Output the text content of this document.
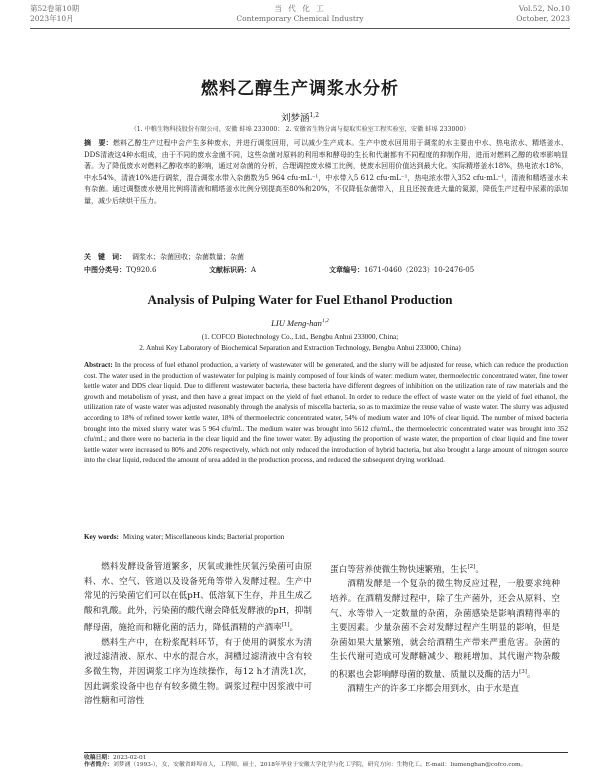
第52卷第10期
2023年10月
当 代 化 工
Contemporary Chemical Industry
Vol.52, No.10
October, 2023
燃料乙醇生产调浆水分析
刘梦涵$^{1,2}$
（1. 中粮生物科技股份有限公司，安徽 蚌埠 233000； 2. 安徽省生物分离与提取实验室工程实验室，安徽 蚌埠 233000）
摘　要：燃料乙醇生产过程中会产生多种废水，并进行调浆回用，可以减少生产成本。生产中废水回用用于调浆的水主要由中水、热电浓水、精塔釜水、DDS清液这4种水组成，由于不同的废水金菌不同，这些杂菌对原料的利用率和酵母的生长和代谢都有不同程度的抑制作用，进而对燃料乙醇的收率影响显著。为了降低废水对燃料乙醇收率的影响，通过对杂菌的分析，合理调控废水梯工比例，使废水回用价值达到最大化。实际精塔釜水18%，热电浓水18%，中水54%，清液10%进行调浆，混合调浆水带入杂菌数为5 964 cfu·mL⁻¹，中水带入5 612 cfu·mL⁻¹，热电浓水带入352 cfu·mL⁻¹，清液和精塔釜水未有杂菌。通过调整废水使用比例将清液和精塔釜水比例分别提高至80%和20%，不仅降低杂菌带入，且且还按查进大量的氮源，降低生产过程中尿素的添加量，减少后续烘干压力。
关　键　词： 调浆水；杂菌回收；杂菌数量；杂菌
中图分类号：TQ920.6	文献标识码：A	文章编号：1671-0460（2023）10-2476-05
Analysis of Pulping Water for Fuel Ethanol Production
LIU Meng-han$^{1,2}$
(1. COFCO Biotechnology Co., Ltd., Bengbu Anhui 233000, China;
2. Anhui Key Laboratory of Biochemical Separation and Extraction Technology, Bengbu Anhui 233000, China)
Abstract: In the process of fuel ethanol production, a variety of wastewater will be generated, and the slurry will be adjusted for reuse, which can reduce the production cost. The water used in the production of wastewater for pulping is mainly composed of four kinds of water: medium water, thermoelectric concentrated water, fine tower kettle water and DDS clear liquid. Due to different wastewater bacteria, these bacteria have different degrees of inhibition on the utilization rate of raw materials and the growth and metabolism of yeast, and then have a great impact on the yield of fuel ethanol. In order to reduce the effect of waste water on the yield of fuel ethanol, the utilization rate of waste water was adjusted reasonably through the analysis of miscella bacteria, so as to maximize the reuse value of waste water. The slurry was adjusted according to 18% of refined tower kettle water, 18% of thermoelectric concentrated water, 54% of medium water and 10% of clear liquid. The number of mixed bacteria brought into the mixed slurry water was 5 964 cfu/mL. The medium water was brought into 5612 cfu/mL, the thermoelectric concentrated water was brought into 352 cfu/mL; and there were no bacteria in the clear liquid and the fine tower water. By adjusting the proportion of waste water, the proportion of clear liquid and fine tower kettle water were increased to 80% and 20% respectively, which not only reduced the introduction of hybrid bacteria, but also brought a large amount of nitrogen source into the clear liquid, reduced the amount of urea added in the production process, and reduced the subsequent drying workload.
Key words: Mixing water; Miscellaneous kinds; Bacterial proportion

燃料发酵设备管道繁多，厌氧或兼性厌氧污染菌可由原料、水、空气、管道以及设备死角等带入发酵过程。生产中常见的污染菌它们可以在低pH、低溶氧下生存，并且生成乙酸和乳酸。此外，污染菌的酸代谢会降低发酵液的pH，抑制酵母菌，施抢而和糖化菌的活力，降低酒精的产酒率[1]。

燃料生产中，在粉浆配料环节，有于使用的调浆水为清液过滤清液、原水、中水的混合水，洞槽过滤清液中含有较多微生物，并因调浆工序为连续操作，每12 h才清洗1次，因此调浆设备中也存有较多微生物。调浆过程中因浆液中可溶性糖和可溶性

蛋白等营养使微生物快速繁殖，生长[2]。

酒精发酵是一个复杂的微生物反应过程，一般要求纯种培养。在酒精发酵过程中，除了生产菌外，还会从原料、空气、水等带入一定数量的杂菌，杂菌感染是影响酒精得率的主要因素。少量杂菌不会对发酵过程产生明显的影响，但是杂菌如果大量繁殖，就会给酒精生产带来严重危害。杂菌的生长代谢可造成可发酵糖减少、粮耗增加、其代谢产物杂酸的积累也会影响酵母菌的数量、质量以及酶的活力[3]。

酒精生产的许多工序都会用到水，由于水是直

收稿日期：2023-02-01
作者简介：刘梦涵（1993-），女，安徽省蚌埠市人，工程师，硕士，2018年毕业于安徽大学化学与化工学院，研究方向：生物化工。E-mail：liumenghan@cofco.com。
